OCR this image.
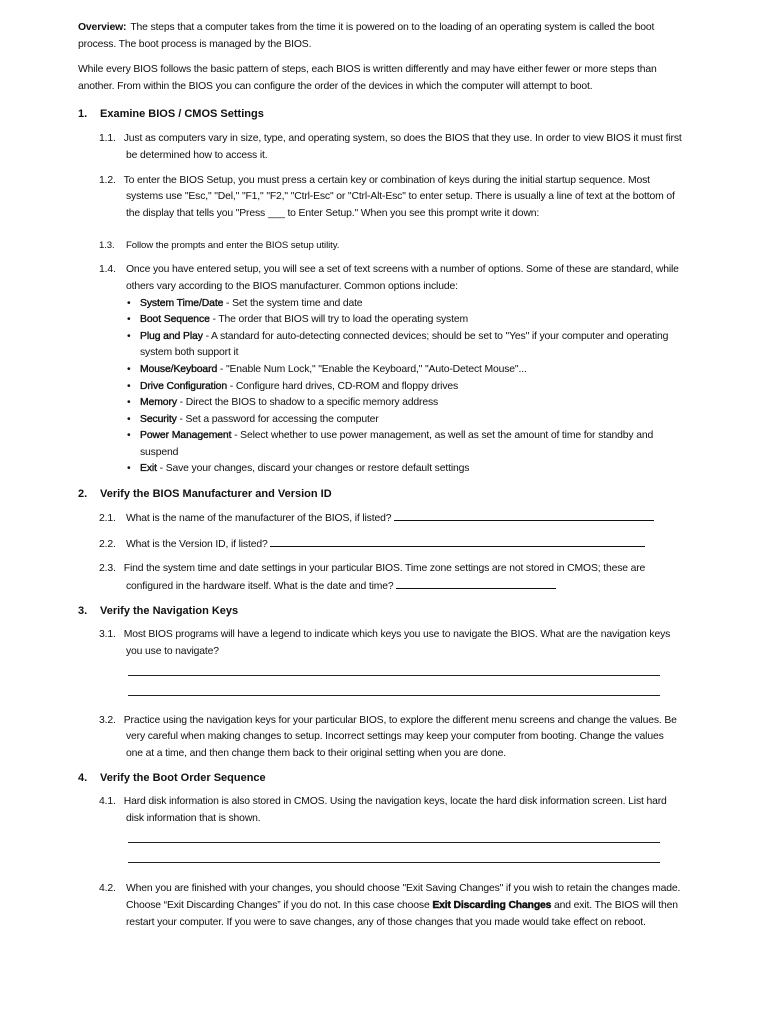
Overview: The steps that a computer takes from the time it is powered on to the loading of an operating system is called the boot process. The boot process is managed by the BIOS.

While every BIOS follows the basic pattern of steps, each BIOS is written differently and may have either fewer or more steps than another. From within the BIOS you can configure the order of the devices in which the computer will attempt to boot.

1.	Examine BIOS / CMOS Settings

1.1. Just as computers vary in size, type, and operating system, so does the BIOS that they use. In order to view BIOS it must first be determined how to access it.

1.2. To enter the BIOS Setup, you must press a certain key or combination of keys during the initial startup sequence. Most systems use "Esc," "Del," "F1," "F2," "Ctrl-Esc" or "Ctrl-Alt-Esc" to enter setup. There is usually a line of text at the bottom of the display that tells you "Press ___ to Enter Setup." When you see this prompt write it down:

1.3. Follow the prompts and enter the BIOS setup utility.

1.4. Once you have entered setup, you will see a set of text screens with a number of options. Some of these are standard, while others vary according to the BIOS manufacturer. Common options include:

• System Time/Date - Set the system time and date
• Boot Sequence - The order that BIOS will try to load the operating system
• Plug and Play - A standard for auto-detecting connected devices; should be set to "Yes" if your computer and operating system both support it
• Mouse/Keyboard - "Enable Num Lock," "Enable the Keyboard," "Auto-Detect Mouse"...
• Drive Configuration - Configure hard drives, CD-ROM and floppy drives
• Memory - Direct the BIOS to shadow to a specific memory address
• Security - Set a password for accessing the computer
• Power Management - Select whether to use power management, as well as set the amount of time for standby and suspend
• Exit - Save your changes, discard your changes or restore default settings
2.	Verify the BIOS Manufacturer and Version ID

2.1. What is the name of the manufacturer of the BIOS, if listed?

2.2. What is the Version ID, if listed?

2.3. Find the system time and date settings in your particular BIOS. Time zone settings are not stored in CMOS; these are configured in the hardware itself. What is the date and time?

3.	Verify the Navigation Keys

3.1. Most BIOS programs will have a legend to indicate which keys you use to navigate the BIOS. What are the navigation keys you use to navigate?

3.2. Practice using the navigation keys for your particular BIOS, to explore the different menu screens and change the values. Be very careful when making changes to setup. Incorrect settings may keep your computer from booting. Change the values one at a time, and then change them back to their original setting when you are done.

4.	Verify the Boot Order Sequence

4.1. Hard disk information is also stored in CMOS. Using the navigation keys, locate the hard disk information screen. List hard disk information that is shown.

4.2. When you are finished with your changes, you should choose "Exit Saving Changes" if you wish to retain the changes made. Choose “Exit Discarding Changes” if you do not. In this case choose Exit Discarding Changes and exit. The BIOS will then restart your computer. If you were to save changes, any of those changes that you made would take effect on reboot.
